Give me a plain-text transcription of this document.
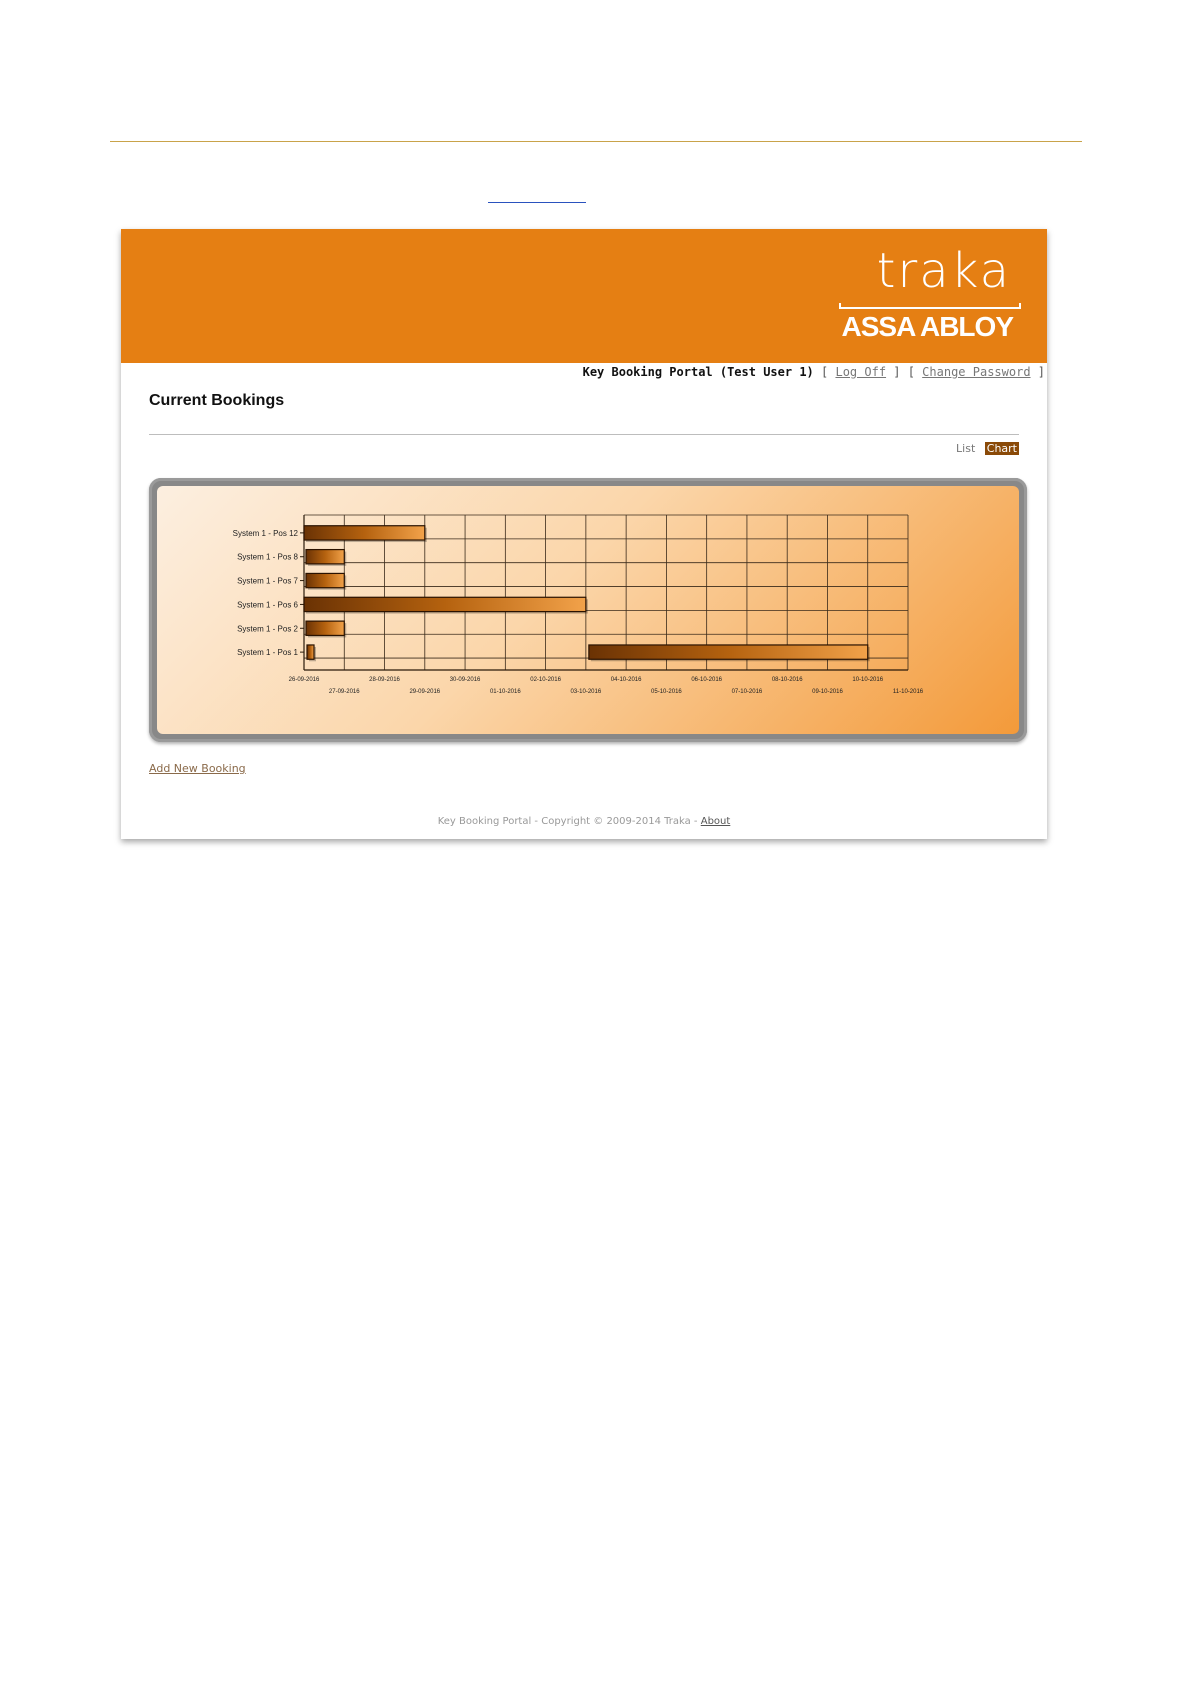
traka
ASSA ABLOY
Key Booking Portal (Test User 1) [ Log Off ] [ Change Password ]
Current Bookings
List Chart
System 1 - Pos 12
System 1 - Pos 8
System 1 - Pos 7
System 1 - Pos 6
System 1 - Pos 2
System 1 - Pos 1
26-09-2016
27-09-2016
28-09-2016
29-09-2016
30-09-2016
01-10-2016
02-10-2016
03-10-2016
04-10-2016
05-10-2016
06-10-2016
07-10-2016
08-10-2016
09-10-2016
10-10-2016
11-10-2016
Add New Booking
Key Booking Portal - Copyright © 2009-2014 Traka - About
